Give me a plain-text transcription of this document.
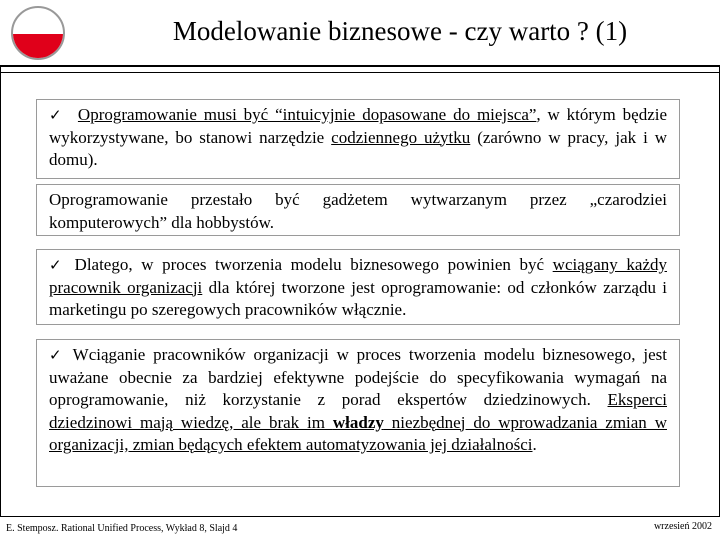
Modelowanie biznesowe - czy warto ? (1)
✓ Oprogramowanie musi być “intuicyjnie dopasowane do miejsca”, w którym będzie wykorzystywane, bo stanowi narzędzie codziennego użytku (zarówno w pracy, jak i w domu).
Oprogramowanie przestało być gadżetem wytwarzanym przez „czarodziei komputerowych” dla hobbystów.
✓ Dlatego, w proces tworzenia modelu biznesowego powinien być wciągany każdy pracownik organizacji dla której tworzone jest oprogramowanie: od członków zarządu i marketingu po szeregowych pracowników włącznie.
✓ Wciąganie pracowników organizacji w proces tworzenia modelu biznesowego, jest uważane obecnie za bardziej efektywne podejście do specyfikowania wymagań na oprogramowanie, niż korzystanie z porad ekspertów dziedzinowych. Eksperci dziedzinowi mają wiedzę, ale brak im władzy niezbędnej do wprowadzania zmian w organizacji, zmian będących efektem automatyzowania jej działalności.
E. Stemposz. Rational Unified Process, Wykład 8, Slajd 4	wrzesień 2002
